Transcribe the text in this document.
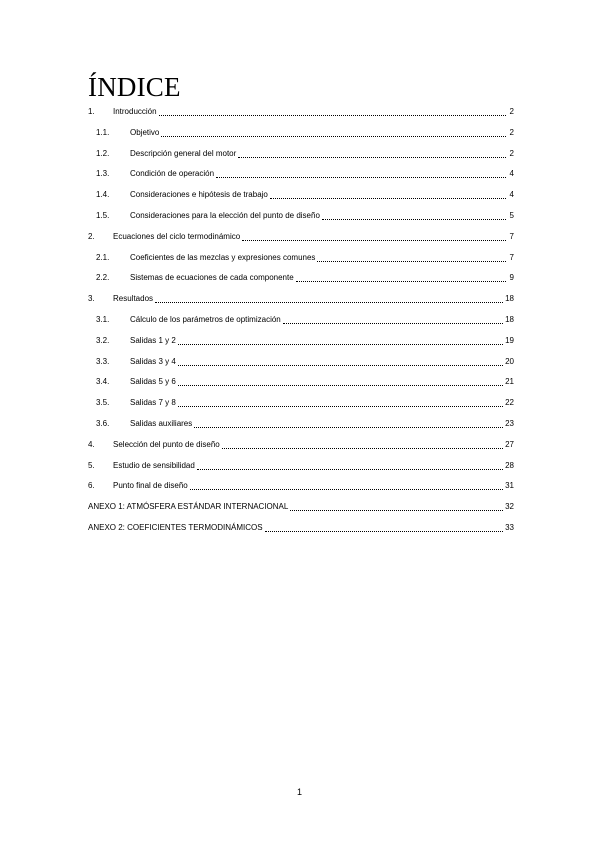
ÍNDICE
1.	Introducción	2
1.1.	Objetivo	2
1.2.	Descripción general del motor	2
1.3.	Condición de operación	4
1.4.	Consideraciones e hipótesis de trabajo	4
1.5.	Consideraciones para la elección del punto de diseño	5
2.	Ecuaciones del ciclo termodinámico	7
2.1.	Coeficientes de las mezclas y expresiones comunes	7
2.2.	Sistemas de ecuaciones de cada componente	9
3.	Resultados	18
3.1.	Cálculo de los parámetros de optimización	18
3.2.	Salidas 1 y 2	19
3.3.	Salidas 3 y 4	20
3.4.	Salidas 5 y 6	21
3.5.	Salidas 7 y 8	22
3.6.	Salidas auxiliares	23
4.	Selección del punto de diseño	27
5.	Estudio de sensibilidad	28
6.	Punto final de diseño	31
ANEXO 1: ATMÓSFERA ESTÁNDAR INTERNACIONAL	32
ANEXO 2: COEFICIENTES TERMODINÁMICOS	33
1
